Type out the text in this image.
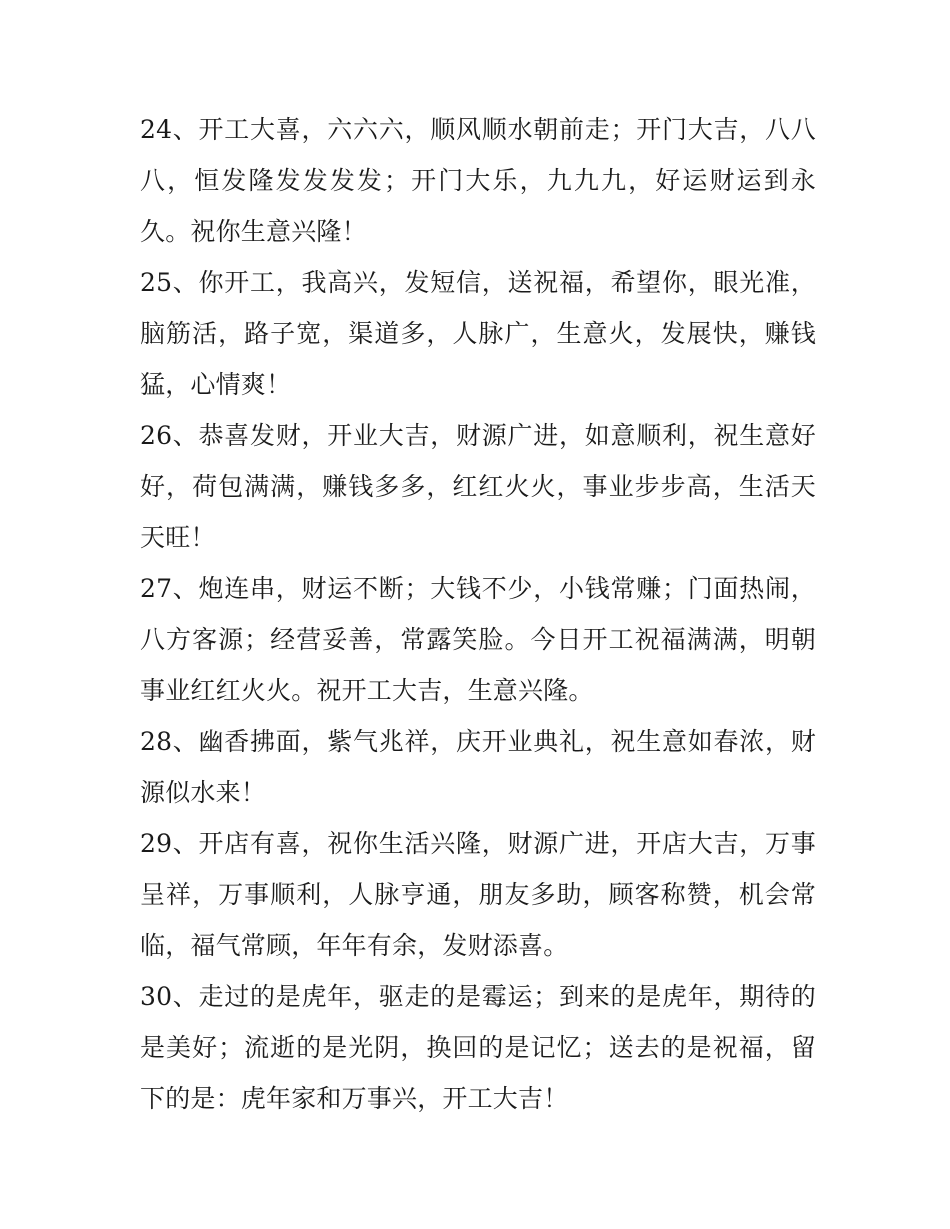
24、开工大喜，六六六，顺风顺水朝前走；开门大吉，八八八，恒发隆发发发发；开门大乐，九九九，好运财运到永久。祝你生意兴隆！

25、你开工，我高兴，发短信，送祝福，希望你，眼光准，脑筋活，路子宽，渠道多，人脉广，生意火，发展快，赚钱猛，心情爽！

26、恭喜发财，开业大吉，财源广进，如意顺利，祝生意好好，荷包满满，赚钱多多，红红火火，事业步步高，生活天天旺！

27、炮连串，财运不断；大钱不少，小钱常赚；门面热闹，八方客源；经营妥善，常露笑脸。今日开工祝福满满，明朝事业红红火火。祝开工大吉，生意兴隆。

28、幽香拂面，紫气兆祥，庆开业典礼，祝生意如春浓，财源似水来！

29、开店有喜，祝你生活兴隆，财源广进，开店大吉，万事呈祥，万事顺利，人脉亨通，朋友多助，顾客称赞，机会常临，福气常顾，年年有余，发财添喜。

30、走过的是虎年，驱走的是霉运；到来的是虎年，期待的是美好；流逝的是光阴，换回的是记忆；送去的是祝福，留下的是：虎年家和万事兴，开工大吉！
